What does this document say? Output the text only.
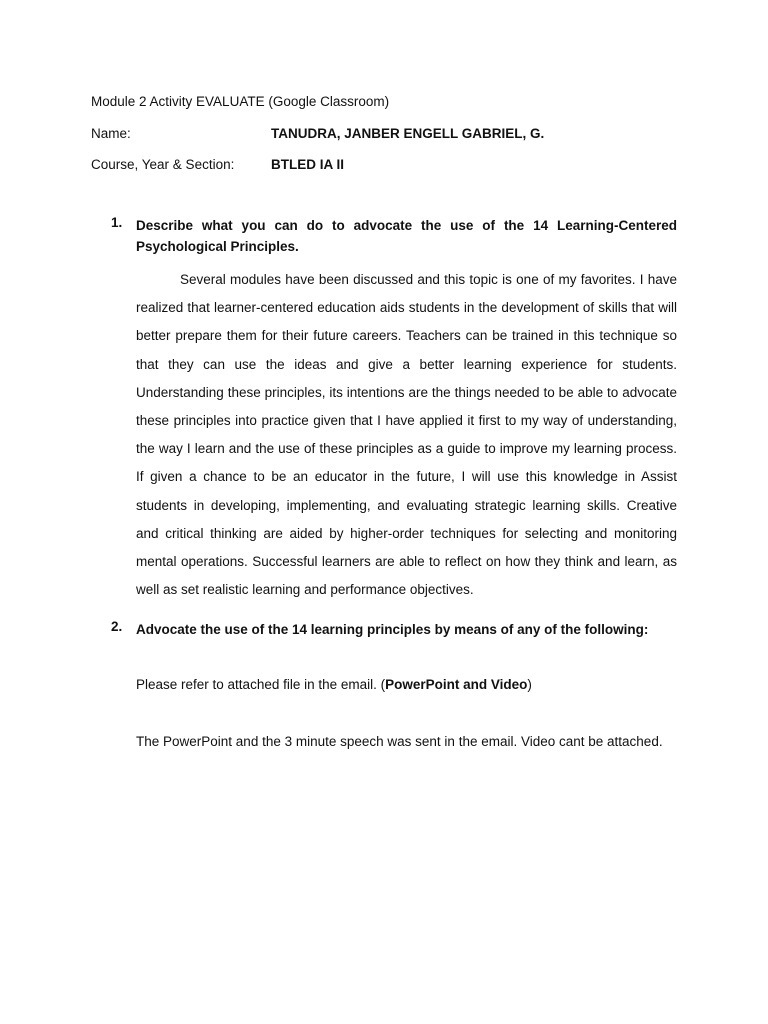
Module 2 Activity EVALUATE (Google Classroom)
Name:	TANUDRA, JANBER ENGELL GABRIEL, G.
Course, Year & Section:	BTLED IA II
1.	Describe what you can do to advocate the use of the 14 Learning-Centered Psychological Principles.
Several modules have been discussed and this topic is one of my favorites. I have realized that learner-centered education aids students in the development of skills that will better prepare them for their future careers. Teachers can be trained in this technique so that they can use the ideas and give a better learning experience for students. Understanding these principles, its intentions are the things needed to be able to advocate these principles into practice given that I have applied it first to my way of understanding, the way I learn and the use of these principles as a guide to improve my learning process. If given a chance to be an educator in the future, I will use this knowledge in Assist students in developing, implementing, and evaluating strategic learning skills. Creative and critical thinking are aided by higher-order techniques for selecting and monitoring mental operations. Successful learners are able to reflect on how they think and learn, as well as set realistic learning and performance objectives.
2.	Advocate the use of the 14 learning principles by means of any of the following:
Please refer to attached file in the email. (PowerPoint and Video)
The PowerPoint and the 3 minute speech was sent in the email. Video cant be attached.
